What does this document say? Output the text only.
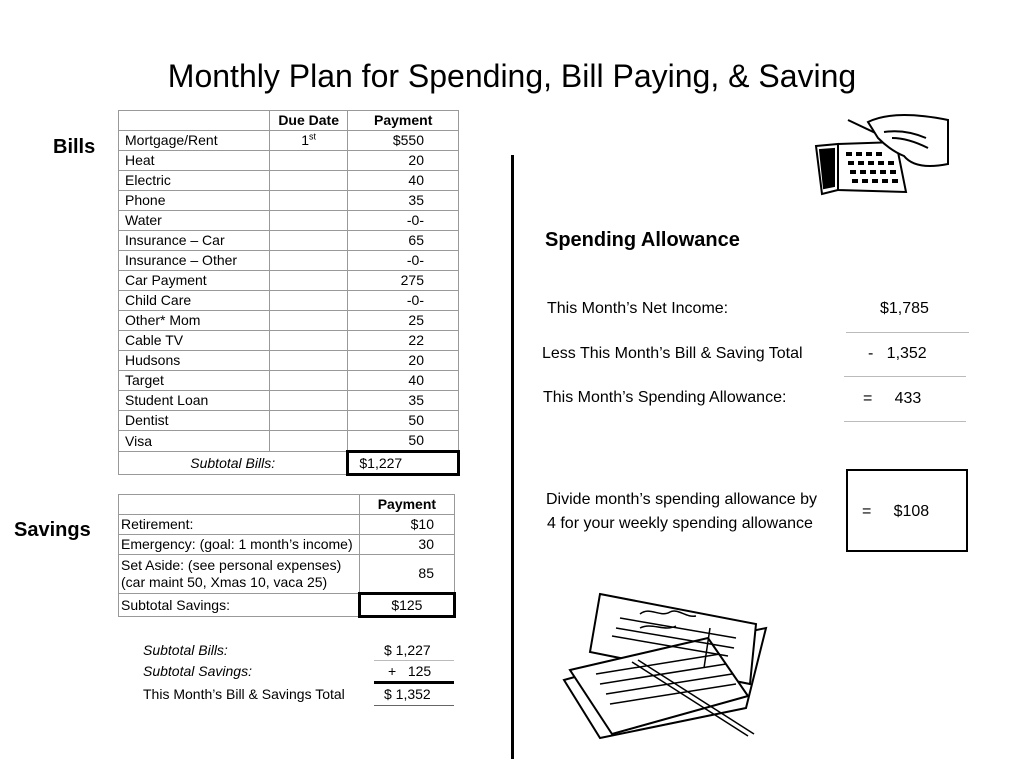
Monthly Plan for Spending, Bill Paying, & Saving
Bills
	Due Date	Payment
Mortgage/Rent	1st	$550
Heat		20
Electric		40
Phone		35
Water		-0-
Insurance – Car		65
Insurance – Other		-0-
Car Payment		275
Child Care		-0-
Other* Mom		25
Cable TV		22
Hudsons		20
Target		40
Student Loan		35
Dentist		50
Visa		50
Subtotal Bills:		$1,227
Savings
	Payment
Retirement:	$10
Emergency: (goal: 1 month’s income)	30

Set Aside: (see personal expenses)
(car maint 50, Xmas 10, vaca 25)	85
Subtotal Savings:	$125
Subtotal Bills:	$ 1,227
Subtotal Savings:	+   125
This Month’s Bill & Savings Total	$ 1,352
Spending Allowance
This Month’s Net Income:	$1,785
Less This Month’s Bill & Saving Total	-   1,352
This Month’s Spending Allowance:	=     433
Divide month’s spending allowance by
4 for your weekly spending allowance
=     $108
